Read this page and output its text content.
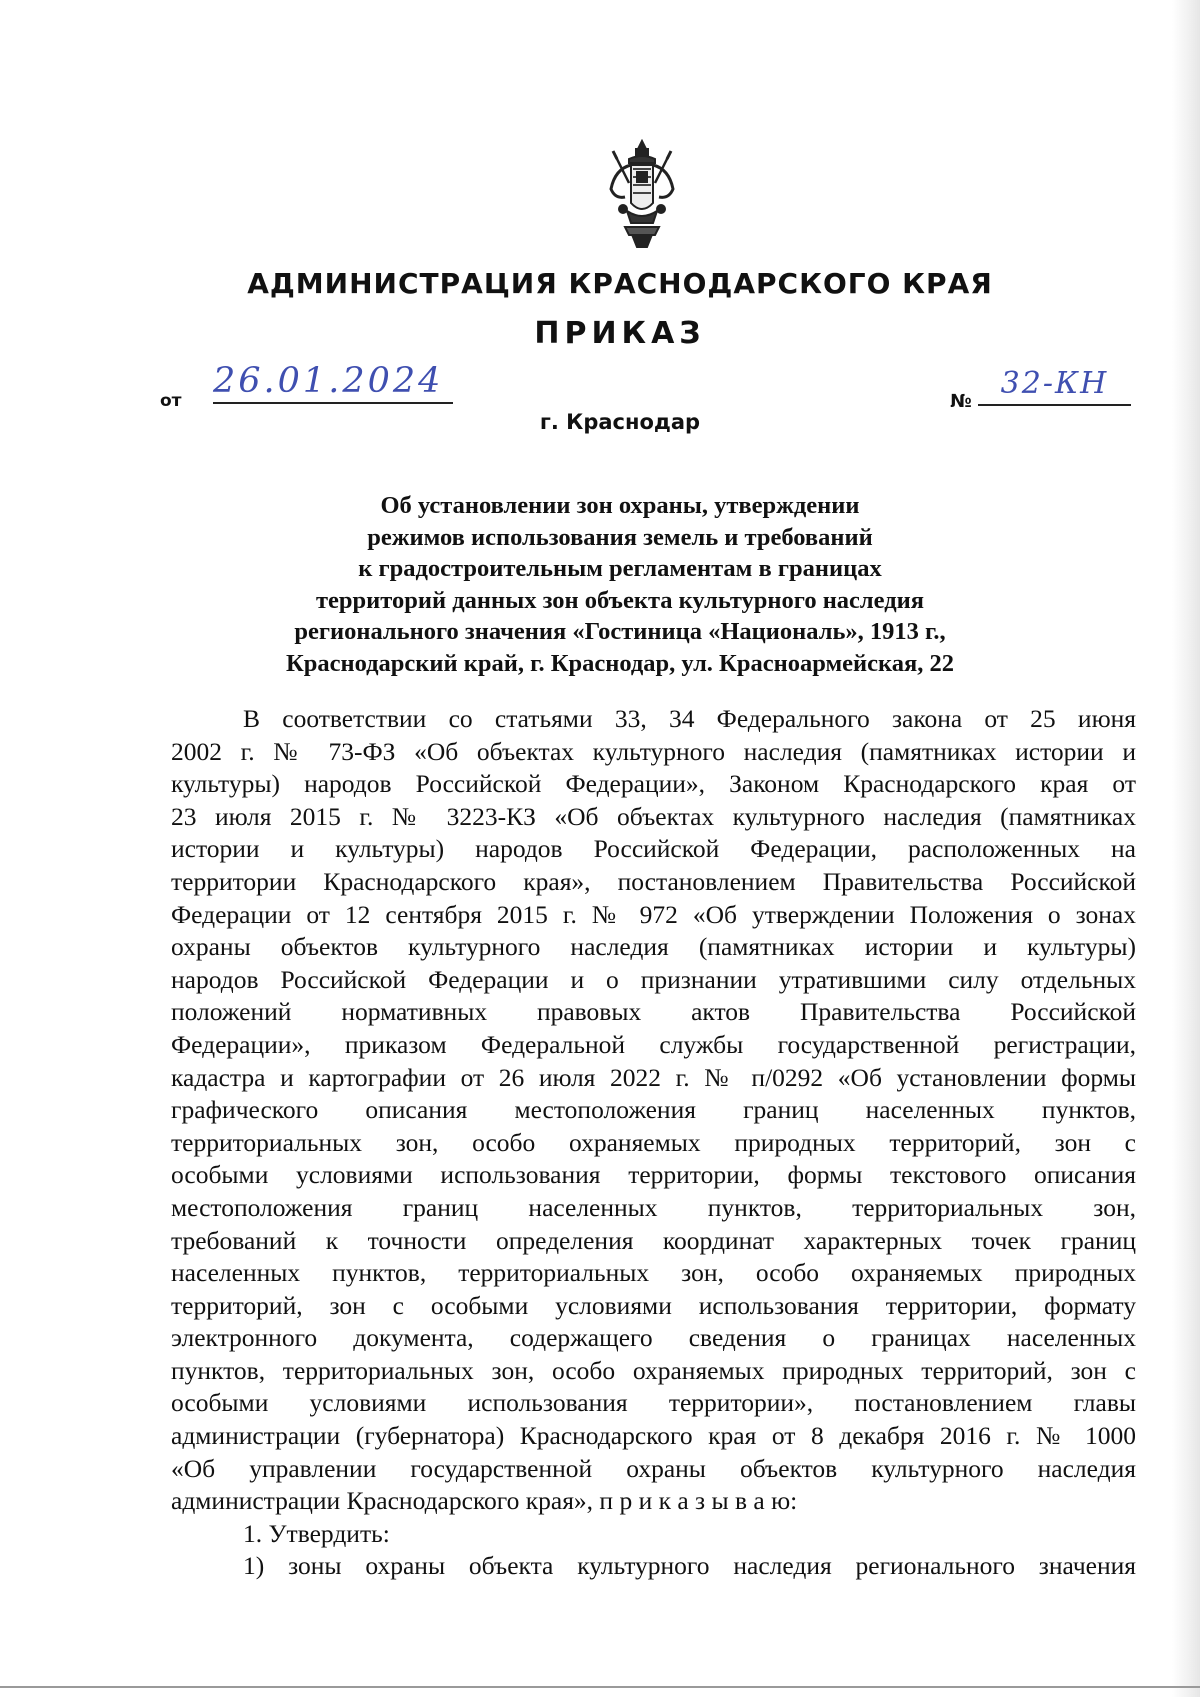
АДМИНИСТРАЦИЯ КРАСНОДАРСКОГО КРАЯ
ПРИКАЗ
от 26.01.2024
№
32-КН
г. Краснодар
Об установлении зон охраны, утверждении
режимов использования земель и требований
к градостроительным регламентам в границах
территорий данных зон объекта культурного наследия
регионального значения «Гостиница «Националь», 1913 г.,
Краснодарский край, г. Краснодар, ул. Красноармейская, 22
В соответствии со статьями 33, 34 Федерального закона от 25 июня
2002 г. № 73-ФЗ «Об объектах культурного наследия (памятниках истории и
культуры) народов Российской Федерации», Законом Краснодарского края от
23 июля 2015 г. № 3223-КЗ «Об объектах культурного наследия (памятниках
истории и культуры) народов Российской Федерации, расположенных на
территории Краснодарского края», постановлением Правительства Российской
Федерации от 12 сентября 2015 г. № 972 «Об утверждении Положения о зонах
охраны объектов культурного наследия (памятниках истории и культуры)
народов Российской Федерации и о признании утратившими силу отдельных
положений нормативных правовых актов Правительства Российской
Федерации», приказом Федеральной службы государственной регистрации,
кадастра и картографии от 26 июля 2022 г. № п/0292 «Об установлении формы
графического описания местоположения границ населенных пунктов,
территориальных зон, особо охраняемых природных территорий, зон с
особыми условиями использования территории, формы текстового описания
местоположения границ населенных пунктов, территориальных зон,
требований к точности определения координат характерных точек границ
населенных пунктов, территориальных зон, особо охраняемых природных
территорий, зон с особыми условиями использования территории, формату
электронного документа, содержащего сведения о границах населенных
пунктов, территориальных зон, особо охраняемых природных территорий, зон с
особыми условиями использования территории», постановлением главы
администрации (губернатора) Краснодарского края от 8 декабря 2016 г. № 1000
«Об управлении государственной охраны объектов культурного наследия
администрации Краснодарского края», п р и к а з ы в а ю:
1. Утвердить:
1) зоны охраны объекта культурного наследия регионального значения
